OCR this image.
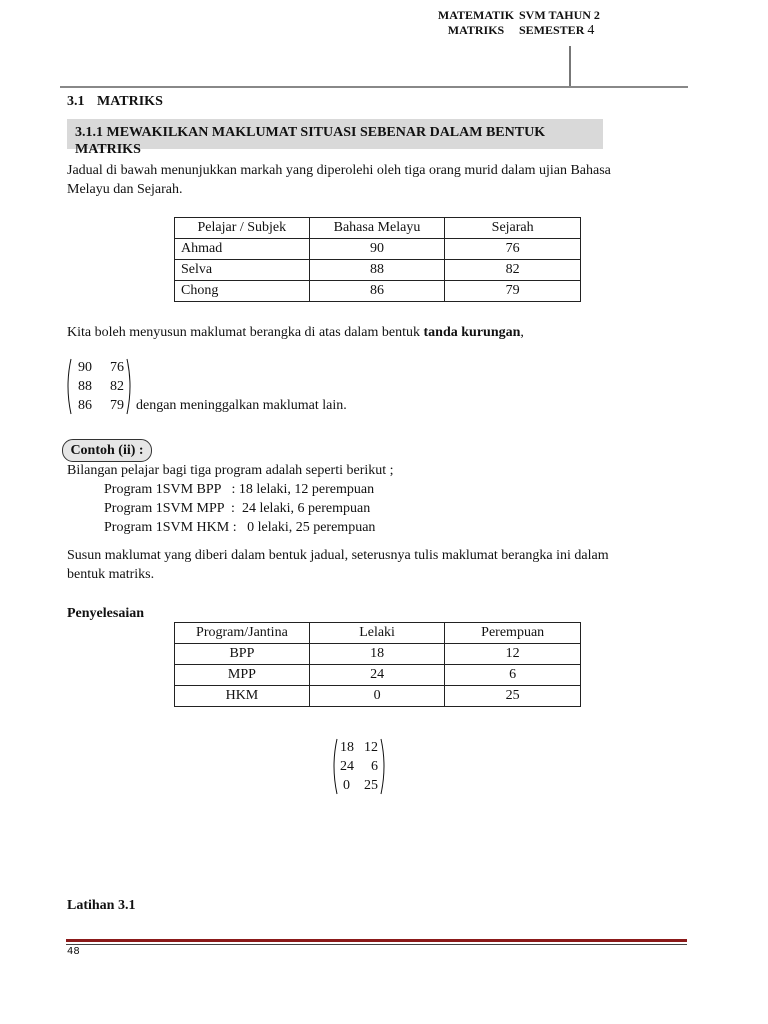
MATEMATIK
MATRIKS
SVM TAHUN 2
SEMESTER 4
3.1 MATRIKS
3.1.1 MEWAKILKAN MAKLUMAT SITUASI SEBENAR DALAM BENTUK MATRIKS
Jadual di bawah menunjukkan markah yang diperolehi oleh tiga orang murid dalam ujian Bahasa
Melayu dan Sejarah.
Pelajar / Subjek	Bahasa Melayu	Sejarah
Ahmad	90	76
Selva	88	82
Chong	86	79
Kita boleh menyusun maklumat berangka di atas dalam bentuk tanda kurungan,
90	76
88	82
86	79 dengan meninggalkan maklumat lain.
Contoh (ii) :
Bilangan pelajar bagi tiga program adalah seperti berikut ;
Program 1SVM BPP   : 18 lelaki, 12 perempuan
Program 1SVM MPP  :  24 lelaki, 6 perempuan
Program 1SVM HKM :   0 lelaki, 25 perempuan
Susun maklumat yang diberi dalam bentuk jadual, seterusnya tulis maklumat berangka ini dalam
bentuk matriks.
Penyelesaian
Program/Jantina	Lelaki	Perempuan
BPP	18	12
MPP	24	6
HKM	0	25
18 12
24	6
0	25
Latihan 3.1
48
